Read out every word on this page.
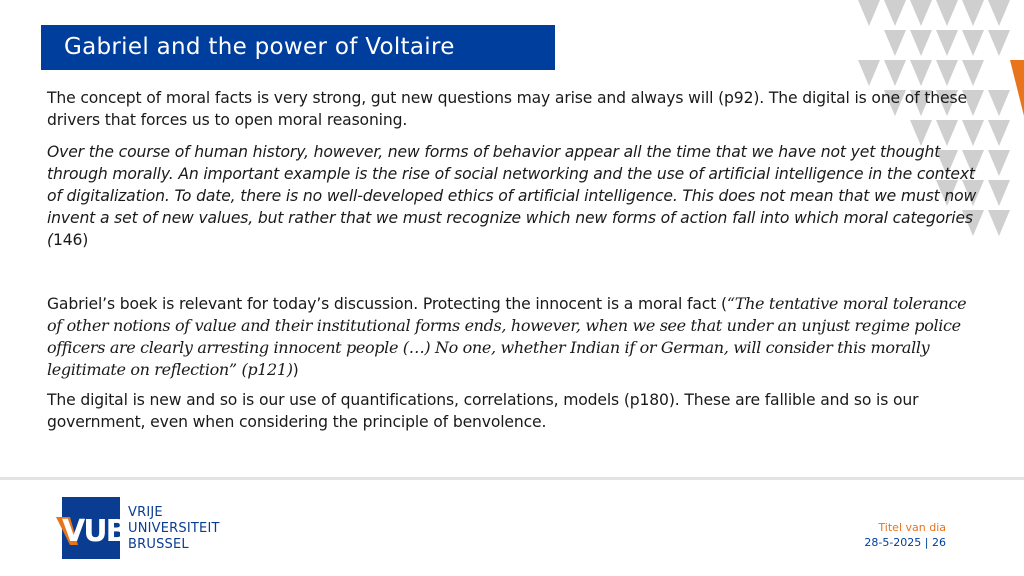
Gabriel and the power of Voltaire
The concept of moral facts is very strong, gut new questions may arise and always will (p92). The digital is one of these drivers that forces us to open moral reasoning.
Over the course of human history, however, new forms of behavior appear all the time that we have not yet thought through morally. An important example is the rise of social networking and the use of artificial intelligence in the context of digitalization. To date, there is no well-developed ethics of artificial intelligence. This does not mean that we must now invent a set of new values, but rather that we must recognize which new forms of action fall into which moral categories (146)
Gabriel’s boek is relevant for today’s discussion. Protecting the innocent is a moral fact (“The tentative moral tolerance of other notions of value and their institutional forms ends, however, when we see that under an unjust regime police officers are clearly arresting innocent people (…) No one, whether Indian if or German, will consider this morally legitimate on reflection” (p121))
The digital is new and so is our use of quantifications, correlations, models (p180). These are fallible and so is our government, even when considering the principle of benvolence.
VUB
VRIJE
UNIVERSITEIT
BRUSSEL
Titel van dia
28-5-2025 | 26
